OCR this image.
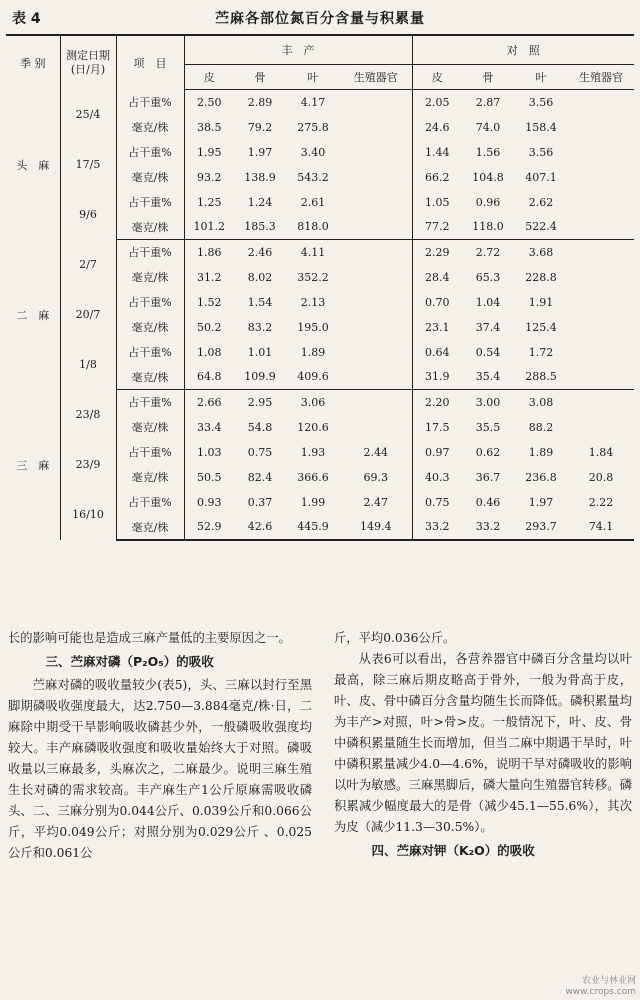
表 4	苎麻各部位氮百分含量与积累量
季 别	测定日期
(日/月)	项　目	丰　产				对　照			
			皮	骨	叶	生殖器官	皮	骨	叶	生殖器官
头　麻	25/4	占干重%	2.50	2.89	4.17		2.05	2.87	3.56	
		毫克/株	38.5	79.2	275.8		24.6	74.0	158.4	
	17/5	占干重%	1.95	1.97	3.40		1.44	1.56	3.56	
		毫克/株	93.2	138.9	543.2		66.2	104.8	407.1	
	9/6	占干重%	1.25	1.24	2.61		1.05	0.96	2.62	
		毫克/株	101.2	185.3	818.0		77.2	118.0	522.4	
二　麻	2/7	占干重%	1.86	2.46	4.11		2.29	2.72	3.68	
		毫克/株	31.2	8.02	352.2		28.4	65.3	228.8	
	20/7	占干重%	1.52	1.54	2.13		0.70	1.04	1.91	
		毫克/株	50.2	83.2	195.0		23.1	37.4	125.4	
	1/8	占干重%	1.08	1.01	1.89		0.64	0.54	1.72	
		毫克/株	64.8	109.9	409.6		31.9	35.4	288.5	
三　麻	23/8	占干重%	2.66	2.95	3.06		2.20	3.00	3.08	
		毫克/株	33.4	54.8	120.6		17.5	35.5	88.2	
	23/9	占干重%	1.03	0.75	1.93	2.44	0.97	0.62	1.89	1.84
		毫克/株	50.5	82.4	366.6	69.3	40.3	36.7	236.8	20.8
	16/10	占干重%	0.93	0.37	1.99	2.47	0.75	0.46	1.97	2.22
		毫克/株	52.9	42.6	445.9	149.4	33.2	33.2	293.7	74.1

长的影响可能也是造成三麻产量低的主要原因之一。

三、苎麻对磷（P₂O₅）的吸收

苎麻对磷的吸收量较少(表5)，头、三麻以封行至黑脚期磷吸收强度最大，达2.750—3.884毫克/株·日，二麻除中期受干旱影响吸收磷甚少外，一般磷吸收强度均较大。丰产麻磷吸收强度和吸收量始终大于对照。磷吸收量以三麻最多，头麻次之，二麻最少。说明三麻生殖生长对磷的需求较高。丰产麻生产1公斤原麻需吸收磷头、二、三麻分别为0.044公斤、0.039公斤和0.066公斤，平均0.049公斤；对照分别为0.029公斤 、0.025公斤和0.061公

斤，平均0.036公斤。

从表6可以看出，各营养器官中磷百分含量均以叶最高，除三麻后期皮略高于骨外，一般为骨高于皮，叶、皮、骨中磷百分含量均随生长而降低。磷积累量均为丰产>对照，叶>骨>皮。一般情况下，叶、皮、骨中磷积累量随生长而增加，但当二麻中期遇干旱时，叶中磷积累量减少4.0—4.6%，说明干旱对磷吸收的影响以叶为敏感。三麻黑脚后，磷大量向生殖器官转移。磷积累减少幅度最大的是骨（减少45.1—55.6%），其次为皮（减少11.3—30.5%）。

四、苎麻对钾（K₂O）的吸收
农业与林业网
www.crops.com
